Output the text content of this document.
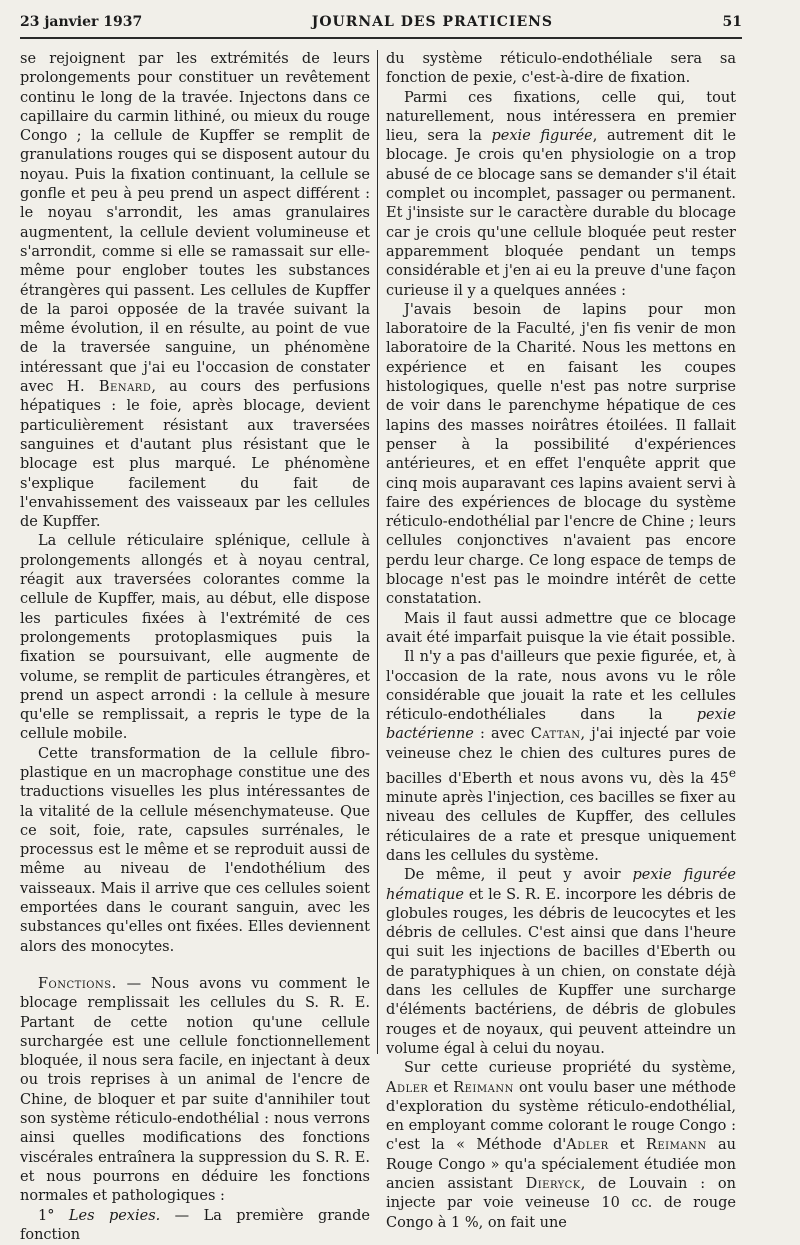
23 janvier 1937	JOURNAL DES PRATICIENS	51

se rejoignent par les extrémités de leurs prolongements pour constituer un revêtement continu le long de la travée. Injectons dans ce capillaire du carmin lithiné, ou mieux du rouge Congo ; la cellule de Kupffer se remplit de granulations rouges qui se disposent autour du noyau. Puis la fixation continuant, la cellule se gonfle et peu à peu prend un aspect différent : le noyau s'arrondit, les amas granulaires augmentent, la cellule devient volumineuse et s'arrondit, comme si elle se ramassait sur elle-même pour englober toutes les substances étrangères qui passent. Les cellules de Kupffer de la paroi opposée de la travée suivant la même évolution, il en résulte, au point de vue de la traversée sanguine, un phénomène intéressant que j'ai eu l'occasion de constater avec H. Benard, au cours des perfusions hépatiques : le foie, après blocage, devient particulièrement résistant aux traversées sanguines et d'autant plus résistant que le blocage est plus marqué. Le phénomène s'explique facilement du fait de l'envahissement des vaisseaux par les cellules de Kupffer.

La cellule réticulaire splénique, cellule à prolongements allongés et à noyau central, réagit aux traversées colorantes comme la cellule de Kupffer, mais, au début, elle dispose les particules fixées à l'extrémité de ces prolongements protoplasmiques puis la fixation se poursuivant, elle augmente de volume, se remplit de particules étrangères, et prend un aspect arrondi : la cellule à mesure qu'elle se remplissait, a repris le type de la cellule mobile.

Cette transformation de la cellule fibro-plastique en un macrophage constitue une des traductions visuelles les plus intéressantes de la vitalité de la cellule mésenchymateuse. Que ce soit, foie, rate, capsules surrénales, le processus est le même et se reproduit aussi de même au niveau de l'endothélium des vaisseaux. Mais il arrive que ces cellules soient emportées dans le courant sanguin, avec les substances qu'elles ont fixées. Elles deviennent alors des monocytes.

Fonctions. — Nous avons vu comment le blocage remplissait les cellules du S. R. E. Partant de cette notion qu'une cellule surchargée est une cellule fonctionnellement bloquée, il nous sera facile, en injectant à deux ou trois reprises à un animal de l'encre de Chine, de bloquer et par suite d'annihiler tout son système réticulo-endothélial : nous verrons ainsi quelles modifications des fonctions viscérales entraînera la suppression du S. R. E. et nous pourrons en déduire les fonctions normales et pathologiques :

1° Les pexies. — La première grande fonction

du système réticulo-endothéliale sera sa fonction de pexie, c'est-à-dire de fixation.

Parmi ces fixations, celle qui, tout naturellement, nous intéressera en premier lieu, sera la pexie figurée, autrement dit le blocage. Je crois qu'en physiologie on a trop abusé de ce blocage sans se demander s'il était complet ou incomplet, passager ou permanent. Et j'insiste sur le caractère durable du blocage car je crois qu'une cellule bloquée peut rester apparemment bloquée pendant un temps considérable et j'en ai eu la preuve d'une façon curieuse il y a quelques années :

J'avais besoin de lapins pour mon laboratoire de la Faculté, j'en fis venir de mon laboratoire de la Charité. Nous les mettons en expérience et en faisant les coupes histologiques, quelle n'est pas notre surprise de voir dans le parenchyme hépatique de ces lapins des masses noirâtres étoilées. Il fallait penser à la possibilité d'expériences antérieures, et en effet l'enquête apprit que cinq mois auparavant ces lapins avaient servi à faire des expériences de blocage du système réticulo-endothélial par l'encre de Chine ; leurs cellules conjonctives n'avaient pas encore perdu leur charge. Ce long espace de temps de blocage n'est pas le moindre intérêt de cette constatation.

Mais il faut aussi admettre que ce blocage avait été imparfait puisque la vie était possible.

Il n'y a pas d'ailleurs que pexie figurée, et, à l'occasion de la rate, nous avons vu le rôle considérable que jouait la rate et les cellules réticulo-endothéliales dans la pexie bactérienne : avec Cattan, j'ai injecté par voie veineuse chez le chien des cultures pures de bacilles d'Eberth et nous avons vu, dès la 45e minute après l'injection, ces bacilles se fixer au niveau des cellules de Kupffer, des cellules réticulaires de a rate et presque uniquement dans les cellules du système.

De même, il peut y avoir pexie figurée hématique et le S. R. E. incorpore les débris de globules rouges, les débris de leucocytes et les débris de cellules. C'est ainsi que dans l'heure qui suit les injections de bacilles d'Eberth ou de paratyphiques à un chien, on constate déjà dans les cellules de Kupffer une surcharge d'éléments bactériens, de débris de globules rouges et de noyaux, qui peuvent atteindre un volume égal à celui du noyau.

Sur cette curieuse propriété du système, Adler et Reimann ont voulu baser une méthode d'exploration du système réticulo-endothélial, en employant comme colorant le rouge Congo : c'est la « Méthode d'Adler et Reimann au Rouge Congo » qu'a spécialement étudiée mon ancien assistant Dieryck, de Louvain : on injecte par voie veineuse 10 cc. de rouge Congo à 1 %, on fait une
